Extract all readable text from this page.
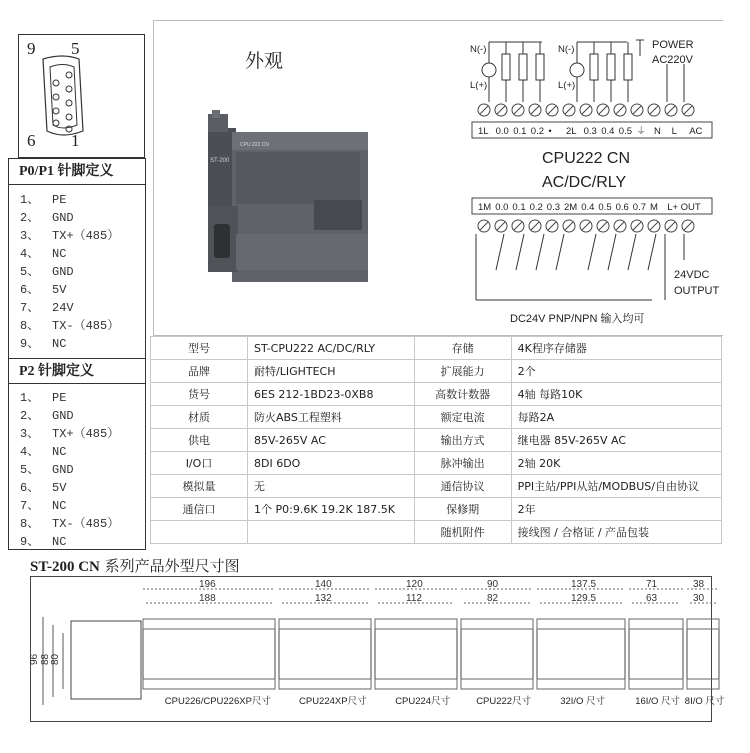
9 5
6 1
P0/P1 针脚定义
1、 PE
2、 GND
3、 TX+（485）
4、 NC
5、 GND
6、 5V
7、 24V
8、 TX-（485）
9、 NC
P2 针脚定义
1、 PE
2、 GND
3、 TX+（485）
4、 NC
5、 GND
6、 5V
7、 NC
8、 TX-（485）
9、 NC
外观
ST-200
CPU 222 CN
N(-)
L(+)
N(-)
L(+)
POWER
AC220V
1L 0.0 0.1 0.2 • 2L 0.3 0.4 0.5 ⏚ N L AC
CPU222 CN
AC/DC/RLY
1M 0.0 0.1 0.2 0.3 2M 0.4 0.5 0.6 0.7 M L+ OUT
24VDC
OUTPUT
DC24V PNP/NPN 输入均可
型号	ST-CPU222 AC/DC/RLY	存储	4K程序存储器
品牌	耐特/LIGHTECH	扩展能力	2个
货号	6ES 212-1BD23-0XB8	高数计数器	4轴 每路10K
材质	防火ABS工程塑料	额定电流	每路2A
供电	85V-265V AC	输出方式	继电器 85V-265V AC
I/O口	8DI 6DO	脉冲输出	2轴 20K
模拟量	无	通信协议	PPI主站/PPI从站/MODBUS/自由协议
通信口	1个 P0:9.6K 19.2K 187.5K	保修期	2年
		随机附件	接线图 / 合格证 / 产品包装
ST-200 CN 系列产品外型尺寸图
96 88 80
196
188
CPU226/CPU226XP尺寸
140
132
CPU224XP尺寸
120
112
CPU224尺寸
90
82
CPU222尺寸
137.5
129.5
32I/O 尺寸
71
63
16I/O 尺寸
38
30
8I/O 尺寸
